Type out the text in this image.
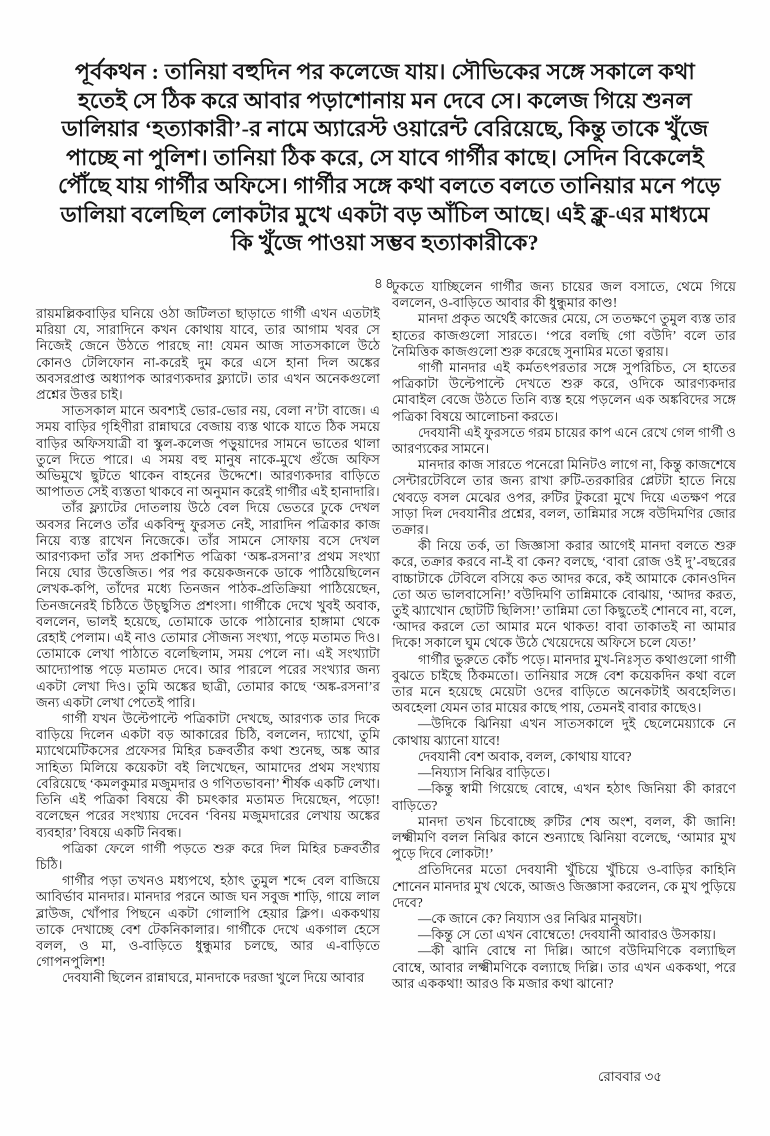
পূর্বকথন : তানিয়া বহুদিন পর কলেজে যায়। সৌভিকের সঙ্গে সকালে কথা
হতেই সে ঠিক করে আবার পড়াশোনায় মন দেবে সে। কলেজ গিয়ে শুনল
ডালিয়ার ‘হত্যাকারী’-র নামে অ্যারেস্ট ওয়ারেন্ট বেরিয়েছে, কিন্তু তাকে খুঁজে
পাচ্ছে না পুলিশ। তানিয়া ঠিক করে, সে যাবে গার্গীর কাছে। সেদিন বিকেলেই
পৌঁছে যায় গার্গীর অফিসে। গার্গীর সঙ্গে কথা বলতে বলতে তানিয়ার মনে পড়ে
ডালিয়া বলেছিল লোকটার মুখে একটা বড় আঁচিল আছে। এই ক্লু-এর মাধ্যমে
কি খুঁজে পাওয়া সম্ভব হত্যাকারীকে?
৪৪

রায়মল্লিকবাড়ির ঘনিয়ে ওঠা জটিলতা ছাড়াতে গার্গী এখন এতটাই মরিয়া যে, সারাদিনে কখন কোথায় যাবে, তার আগাম খবর সে নিজেই জেনে উঠতে পারছে না! যেমন আজ সাতসকালে উঠে কোনও টেলিফোন না-করেই দুম করে এসে হানা দিল অঙ্কের অবসরপ্রাপ্ত অধ্যাপক আরণ্যকদার ফ্ল্যাটে। তার এখন অনেকগুলো প্রশ্নের উত্তর চাই।

সাতসকাল মানে অবশ্যই ভোর-ভোর নয়, বেলা ন’টা বাজে। এ সময় বাড়ির গৃহিণীরা রান্নাঘরে বেজায় ব্যস্ত থাকে যাতে ঠিক সময়ে বাড়ির অফিসযাত্রী বা স্কুল-কলেজ পড়ুয়াদের সামনে ভাতের থালা তুলে দিতে পারে। এ সময় বহু মানুষ নাকে-মুখে গুঁজে অফিস অভিমুখে ছুটতে থাকেন বাহনের উদ্দেশে। আরণ্যকদার বাড়িতে আপাতত সেই ব্যস্ততা থাকবে না অনুমান করেই গার্গীর এই হানাদারি।

তাঁর ফ্ল্যাটের দোতলায় উঠে বেল দিয়ে ভেতরে ঢুকে দেখল অবসর নিলেও তাঁর একবিন্দু ফুরসত নেই, সারাদিন পত্রিকার কাজ নিয়ে ব্যস্ত রাখেন নিজেকে। তাঁর সামনে সোফায় বসে দেখল আরণ্যকদা তাঁর সদ্য প্রকাশিত পত্রিকা ‘অঙ্ক-রসনা’র প্রথম সংখ্যা নিয়ে ঘোর উত্তেজিত। পর পর কয়েকজনকে ডাকে পাঠিয়েছিলেন লেখক-কপি, তাঁদের মধ্যে তিনজন পাঠক-প্রতিক্রিয়া পাঠিয়েছেন, তিনজনেরই চিঠিতে উচ্ছ্বসিত প্রশংসা। গার্গীকে দেখে খুবই অবাক, বললেন, ভালই হয়েছে, তোমাকে ডাকে পাঠানোর হাঙ্গামা থেকে রেহাই পেলাম। এই নাও তোমার সৌজন্য সংখ্যা, পড়ে মতামত দিও। তোমাকে লেখা পাঠাতে বলেছিলাম, সময় পেলে না। এই সংখ্যাটা আদ্যোপান্ত পড়ে মতামত দেবে। আর পারলে পরের সংখ্যার জন্য একটা লেখা দিও। তুমি অঙ্কের ছাত্রী, তোমার কাছে ‘অঙ্ক-রসনা’র জন্য একটা লেখা পেতেই পারি।

গার্গী যখন উল্টেপাল্টে পত্রিকাটা দেখছে, আরণ্যক তার দিকে বাড়িয়ে দিলেন একটা বড় আকারের চিঠি, বললেন, দ্যাখো, তুমি ম্যাথেমেটিকসের প্রফেসর মিহির চক্রবর্তীর কথা শুনেছ, অঙ্ক আর সাহিত্য মিলিয়ে কয়েকটা বই লিখেছেন, আমাদের প্রথম সংখ্যায় বেরিয়েছে ‘কমলকুমার মজুমদার ও গণিতভাবনা’ শীর্ষক একটি লেখা। তিনি এই পত্রিকা বিষয়ে কী চমৎকার মতামত দিয়েছেন, পড়ো! বলেছেন পরের সংখ্যায় দেবেন ‘বিনয় মজুমদারের লেখায় অঙ্কের ব্যবহার’ বিষয়ে একটি নিবন্ধ।

পত্রিকা ফেলে গার্গী পড়তে শুরু করে দিল মিহির চক্রবর্তীর চিঠি।

গার্গীর পড়া তখনও মধ্যপথে, হঠাৎ তুমুল শব্দে বেল বাজিয়ে আবির্ভাব মানদার। মানদার পরনে আজ ঘন সবুজ শাড়ি, গায়ে লাল ব্লাউজ, খোঁপার পিছনে একটা গোলাপি হেয়ার ক্লিপ। এককথায় তাকে দেখাচ্ছে বেশ টেকনিকালার। গার্গীকে দেখে একগাল হেসে বলল, ও মা, ও-বাড়িতে ধুন্ধুমার চলছে, আর এ-বাড়িতে গোপনপুলিশ!

দেবযানী ছিলেন রান্নাঘরে, মানদাকে দরজা খুলে দিয়ে আবার

ঢুকতে যাচ্ছিলেন গার্গীর জন্য চায়ের জল বসাতে, থেমে গিয়ে বললেন, ও-বাড়িতে আবার কী ধুন্ধুমার কাণ্ড!

মানদা প্রকৃত অর্থেই কাজের মেয়ে, সে ততক্ষণে তুমুল ব্যস্ত তার হাতের কাজগুলো সারতে। ‘পরে বলছি গো বউদি’ বলে তার নৈমিত্তিক কাজগুলো শুরু করেছে সুনামির মতো ত্বরায়।

গার্গী মানদার এই কর্মতৎপরতার সঙ্গে সুপরিচিত, সে হাতের পত্রিকাটা উল্টেপাল্টে দেখতে শুরু করে, ওদিকে আরণ্যকদার মোবাইল বেজে উঠতে তিনি ব্যস্ত হয়ে পড়লেন এক অঙ্কবিদের সঙ্গে পত্রিকা বিষয়ে আলোচনা করতে।

দেবযানী এই ফুরসতে গরম চায়ের কাপ এনে রেখে গেল গার্গী ও আরণ্যকের সামনে।

মানদার কাজ সারতে পনেরো মিনিটও লাগে না, কিন্তু কাজশেষে সেন্টারটেবিলে তার জন্য রাখা রুটি-তরকারির প্লেটটা হাতে নিয়ে থেবড়ে বসল মেঝের ওপর, রুটির টুকরো মুখে দিয়ে এতক্ষণ পরে সাড়া দিল দেবযানীর প্রশ্নের, বলল, তান্নিমার সঙ্গে বউদিমণির জোর তক্রার।

কী নিয়ে তর্ক, তা জিজ্ঞাসা করার আগেই মানদা বলতে শুরু করে, তক্রার করবে না-ই বা কেন? বলছে, ‘বাবা রোজ ওই দু’-বছরের বাচ্চাটাকে টেবিলে বসিয়ে কত আদর করে, কই আমাকে কোনওদিন তো অত ভালবাসেনি!’ বউদিমণি তান্নিমাকে বোঝায়, ‘আদর করত, তুই ঝ্যাখোন ছোটটি ছিলিস!’ তান্নিমা তো কিছুতেই শোনবে না, বলে, ‘আদর করলে তো আমার মনে থাকত! বাবা তাকাতই না আমার দিকে! সকালে ঘুম থেকে উঠে খেয়েদেয়ে অফিসে চলে যেত!’

গার্গীর ভুরুতে কোঁচ পড়ে। মানদার মুখ-নিঃসৃত কথাগুলো গার্গী বুঝতে চাইছে ঠিকমতো। তানিয়ার সঙ্গে বেশ কয়েকদিন কথা বলে তার মনে হয়েছে মেয়েটা ওদের বাড়িতে অনেকটাই অবহেলিত। অবহেলা যেমন তার মায়ের কাছে পায়, তেমনই বাবার কাছেও।

—উদিকে ঝিনিয়া এখন সাতসকালে দুই ছেলেমেয়্যাকে নে কোথায় ঝ্যানো যাবে!

দেবযানী বেশ অবাক, বলল, কোথায় যাবে?

—নিয্যাস নিঝির বাড়িতে।

—কিন্তু স্বামী গিয়েছে বোম্বে, এখন হঠাৎ জিনিয়া কী কারণে বাড়িতে?

মানদা তখন চিবোচ্ছে রুটির শেষ অংশ, বলল, কী জানি! লক্ষ্মীমণি বলল নিঝির কানে শুন্যাছে ঝিনিয়া বলেছে, ‘আমার মুখ পুড়ে দিবে লোকটা!’

প্রতিদিনের মতো দেবযানী খুঁচিয়ে খুঁচিয়ে ও-বাড়ির কাহিনি শোনেন মানদার মুখ থেকে, আজও জিজ্ঞাসা করলেন, কে মুখ পুড়িয়ে দেবে?

—কে জানে কে? নিয্যাস ওর নিঝির মানুষটা।

—কিন্তু সে তো এখন বোম্বেতে! দেবযানী আবারও উসকায়।

—কী ঝানি বোম্বে না দিল্লি। আগে বউদিমণিকে বল্যাছিল বোম্বে, আবার লক্ষ্মীমণিকে বল্যাছে দিল্লি। তার এখন এককথা, পরে আর এককথা! আরও কি মজার কথা ঝানো?

রোববার ৩৫
